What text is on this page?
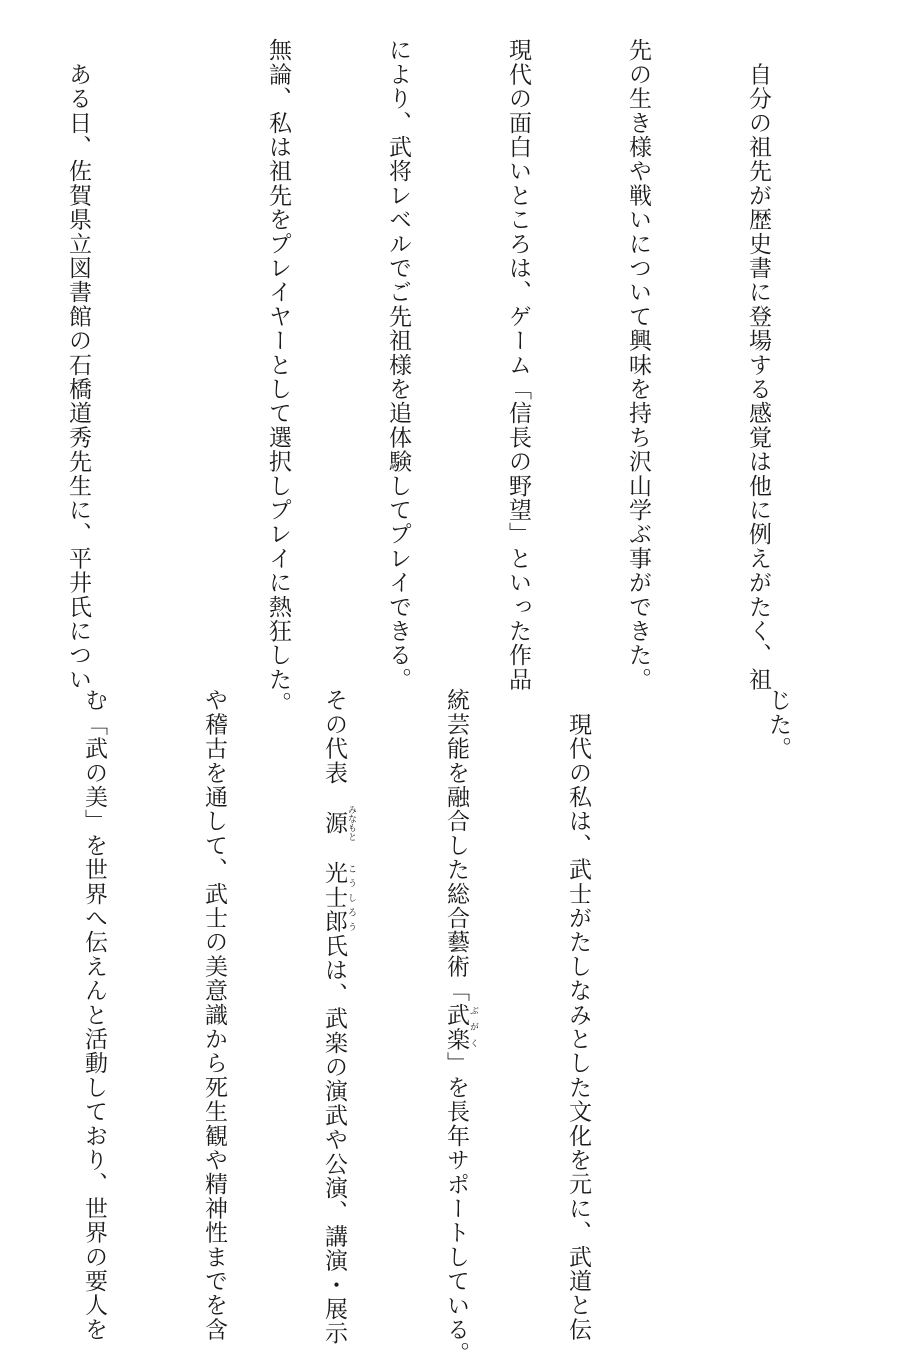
　自分の祖先が歴史書に登場する感覚は他に例えがたく、祖

先の生き様や戦いについて興味を持ち沢山学ぶ事ができた。

現代の面白いところは、ゲーム「信長の野望」といった作品

により、武将レベルでご先祖様を追体験してプレイできる。

無論、私は祖先をプレイヤーとして選択しプレイに熱狂した。

　ある日、佐賀県立図書館の石橋道秀先生に、平井氏につい

じた。

　現代の私は、武士がたしなみとした文化を元に、武道と伝

統芸能を融合した総合藝術「武楽 ぶがく」を長年サポートしている。

その代表　源 みなもと　光士郎 こうしろう氏は、武楽の演武や公演、講演・展示

や稽古を通して、武士の美意識から死生観や精神性までを含

む「武の美」を世界へ伝えんと活動しており、世界の要人を
